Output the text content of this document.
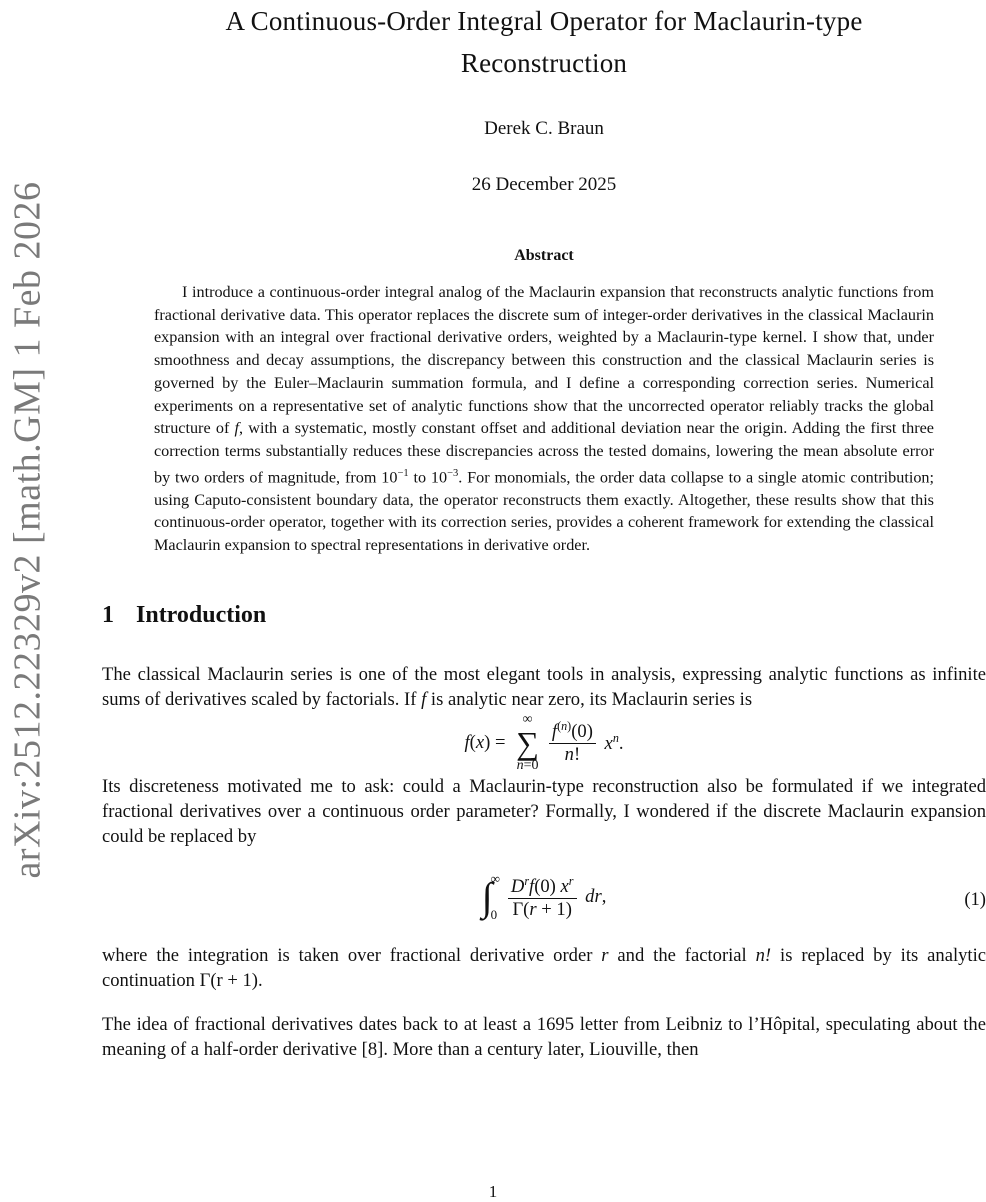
arXiv:2512.22329v2 [math.GM] 1 Feb 2026
A Continuous-Order Integral Operator for Maclaurin-type
Reconstruction
Derek C. Braun
26 December 2025
Abstract

I introduce a continuous-order integral analog of the Maclaurin expansion that reconstructs analytic functions from fractional derivative data. This operator replaces the discrete sum of integer-order derivatives in the classical Maclaurin expansion with an integral over fractional derivative orders, weighted by a Maclaurin-type kernel. I show that, under smoothness and decay assumptions, the discrepancy between this construction and the classical Maclaurin series is governed by the Euler–Maclaurin summation formula, and I define a corresponding correction series. Numerical experiments on a representative set of analytic functions show that the uncorrected operator reliably tracks the global structure of f, with a systematic, mostly constant offset and additional deviation near the origin. Adding the first three correction terms substantially reduces these discrepancies across the tested domains, lowering the mean absolute error by two orders of magnitude, from $10^{-1}$ to $10^{-3}$. For monomials, the order data collapse to a single atomic contribution; using Caputo-consistent boundary data, the operator reconstructs them exactly. Altogether, these results show that this continuous-order operator, together with its correction series, provides a coherent framework for extending the classical Maclaurin expansion to spectral representations in derivative order.

1 Introduction

The classical Maclaurin series is one of the most elegant tools in analysis, expressing analytic functions as infinite sums of derivatives scaled by factorials. If f is analytic near zero, its Maclaurin series is

f ( x ) =
∞
∑
$n=0 \frac{f^{(n)}(0)}{n!} x^n$.

Its discreteness motivated me to ask: could a Maclaurin-type reconstruction also be formulated if we integrated fractional derivatives over a continuous order parameter? Formally, I wondered if the discrete Maclaurin expansion could be replaced by

∫
∞
$0 \frac{D^rf(0) x^r}{\Gamma(r + 1)}$ dr,	(1)

where the integration is taken over fractional derivative order r and the factorial n! is replaced by its analytic continuation Γ(r + 1).

The idea of fractional derivatives dates back to at least a 1695 letter from Leibniz to l’Hôpital, speculating about the meaning of a half-order derivative [8]. More than a century later, Liouville, then

1
